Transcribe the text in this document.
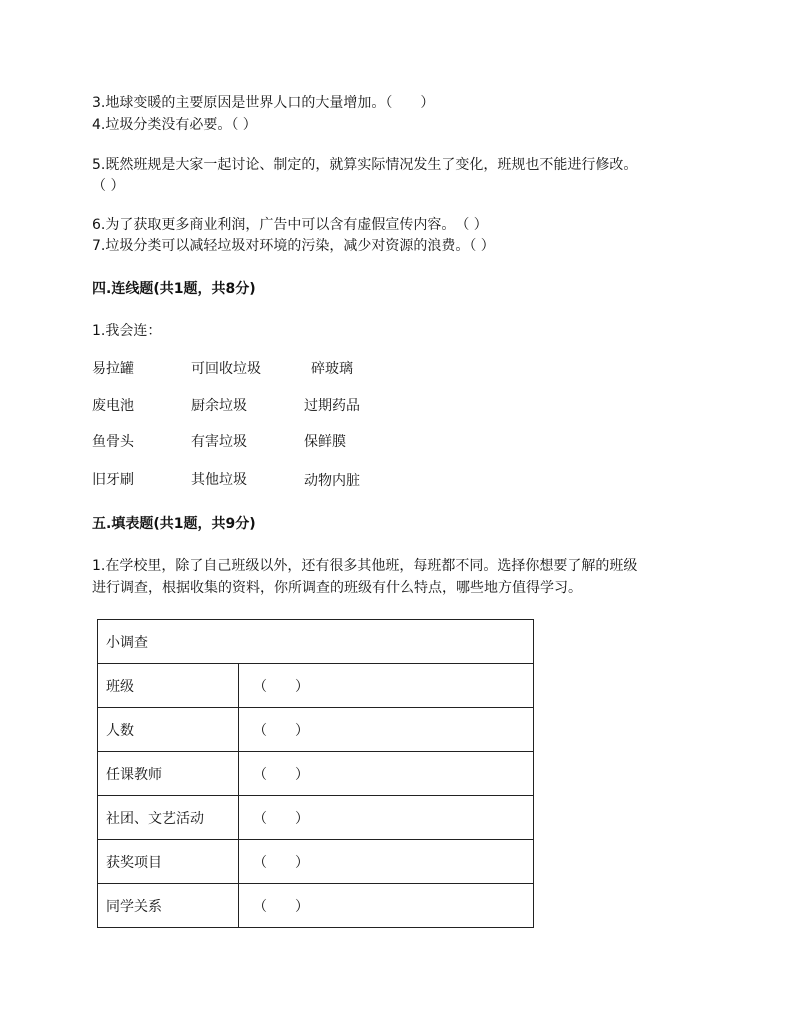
3.地球变暖的主要原因是世界人口的大量增加。（　　）
4.垃圾分类没有必要。（ ）
5.既然班规是大家一起讨论、制定的，就算实际情况发生了变化，班规也不能进行修改。
（ ）
6.为了获取更多商业利润，广告中可以含有虚假宣传内容。　（ ）
7.垃圾分类可以减轻垃圾对环境的污染，减少对资源的浪费。（ ）
四.连线题(共1题，共8分)
1.我会连：
易拉罐	可回收垃圾	碎玻璃
废电池	厨余垃圾	过期药品
鱼骨头	有害垃圾	保鲜膜
旧牙刷	其他垃圾	动物内脏
五.填表题(共1题，共9分)
1.在学校里，除了自己班级以外，还有很多其他班，每班都不同。选择你想要了解的班级
进行调查，根据收集的资料，你所调查的班级有什么特点，哪些地方值得学习。
小调查	
班级	（　　）
人数	（　　）
任课教师	（　　）
社团、文艺活动	（　　）
获奖项目	（　　）
同学关系	（　　）
